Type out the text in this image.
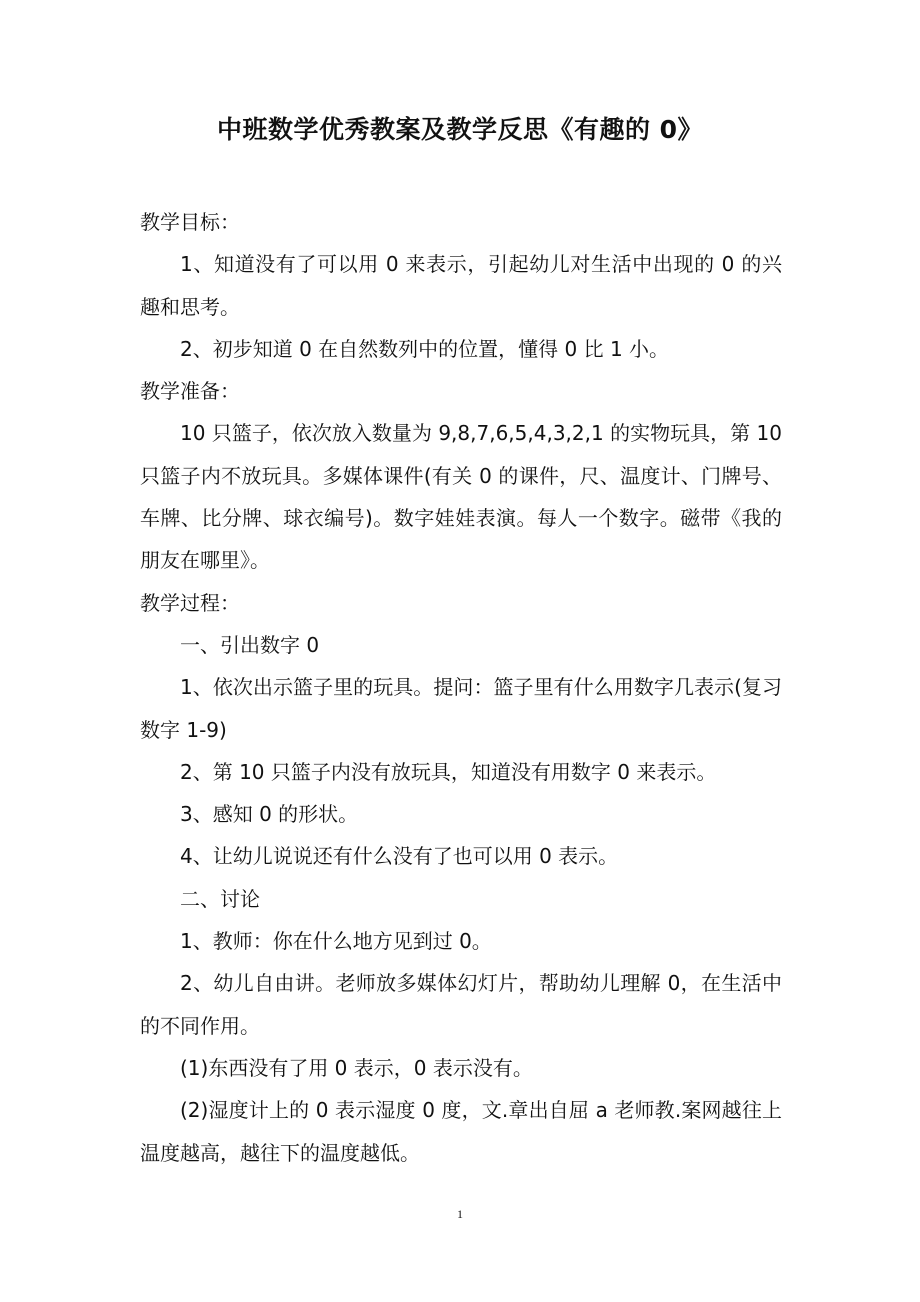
中班数学优秀教案及教学反思《有趣的 0》

教学目标：

1、知道没有了可以用 0 来表示，引起幼儿对生活中出现的 0 的兴趣和思考。

2、初步知道 0 在自然数列中的位置，懂得 0 比 1 小。

教学准备：

10 只篮子，依次放入数量为 9,8,7,6,5,4,3,2,1 的实物玩具，第 10 只篮子内不放玩具。多媒体课件(有关 0 的课件，尺、温度计、门牌号、车牌、比分牌、球衣编号)。数字娃娃表演。每人一个数字。磁带《我的朋友在哪里》。

教学过程：

一、引出数字 0

1、依次出示篮子里的玩具。提问：篮子里有什么用数字几表示(复习数字 1-9)

2、第 10 只篮子内没有放玩具，知道没有用数字 0 来表示。

3、感知 0 的形状。

4、让幼儿说说还有什么没有了也可以用 0 表示。

二、讨论

1、教师：你在什么地方见到过 0。

2、幼儿自由讲。老师放多媒体幻灯片，帮助幼儿理解 0，在生活中的不同作用。

(1)东西没有了用 0 表示，0 表示没有。

(2)湿度计上的 0 表示湿度 0 度，文.章出自屈 a 老师教.案网越往上温度越高，越往下的温度越低。

1
